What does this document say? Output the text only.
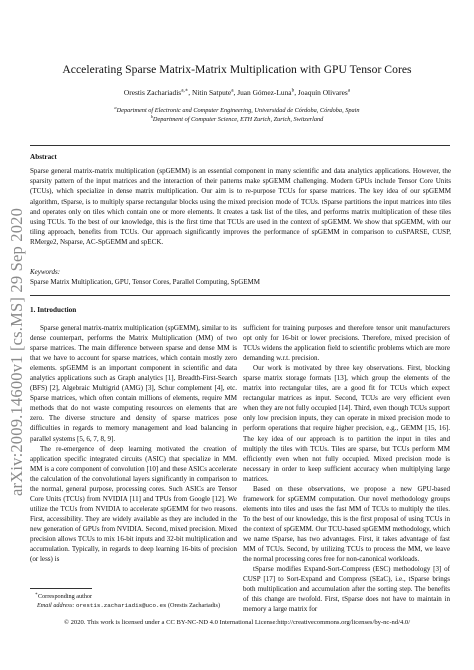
arXiv:2009.14600v1 [cs.MS] 29 Sep 2020
Accelerating Sparse Matrix-Matrix Multiplication with GPU Tensor Cores
Orestis Zachariadis$^{a,∗}$, Nitin Satpute$^a$, Juan Gómez-Luna$^b$, Joaquín Olivares$^a$
$^a$Department of Electronic and Computer Engineering, Universidad de Córdoba, Córdoba, Spain
$^b$Department of Computer Science, ETH Zurich, Zurich, Switzerland
Abstract
Sparse general matrix-matrix multiplication (spGEMM) is an essential component in many scientific and data analytics applications. However, the sparsity pattern of the input matrices and the interaction of their patterns make spGEMM challenging. Modern GPUs include Tensor Core Units (TCUs), which specialize in dense matrix multiplication. Our aim is to re-purpose TCUs for sparse matrices. The key idea of our spGEMM algorithm, tSparse, is to multiply sparse rectangular blocks using the mixed precision mode of TCUs. tSparse partitions the input matrices into tiles and operates only on tiles which contain one or more elements. It creates a task list of the tiles, and performs matrix multiplication of these tiles using TCUs. To the best of our knowledge, this is the first time that TCUs are used in the context of spGEMM. We show that spGEMM, with our tiling approach, benefits from TCUs. Our approach significantly improves the performance of spGEMM in comparison to cuSPARSE, CUSP, RMerge2, Nsparse, AC-SpGEMM and spECK.
Keywords:
Sparse Matrix Multiplication, GPU, Tensor Cores, Parallel Computing, SpGEMM
1. Introduction

Sparse general matrix-matrix multiplication (spGEMM), similar to its dense counterpart, performs the Matrix Multiplication (MM) of two sparse matrices. The main difference between sparse and dense MM is that we have to account for sparse matrices, which contain mostly zero elements. spGEMM is an important component in scientific and data analytics applications such as Graph analytics [1], Breadth-First-Search (BFS) [2], Algebraic Multigrid (AMG) [3], Schur complement [4], etc. Sparse matrices, which often contain millions of elements, require MM methods that do not waste computing resources on elements that are zero. The diverse structure and density of sparse matrices pose difficulties in regards to memory management and load balancing in parallel systems [5, 6, 7, 8, 9].

The re-emergence of deep learning motivated the creation of application specific integrated circuits (ASIC) that specialize in MM. MM is a core component of convolution [10] and these ASICs accelerate the calculation of the convolutional layers significantly in comparison to the normal, general purpose, processing cores. Such ASICs are Tensor Core Units (TCUs) from NVIDIA [11] and TPUs from Google [12]. We utilize the TCUs from NVIDIA to accelerate spGEMM for two reasons. First, accessibility. They are widely available as they are included in the new generation of GPUs from NVIDIA. Second, mixed precision. Mixed precision allows TCUs to mix 16-bit inputs and 32-bit multiplication and accumulation. Typically, in regards to deep learning 16-bits of precision (or less) is

sufficient for training purposes and therefore tensor unit manufacturers opt only for 16-bit or lower precisions. Therefore, mixed precision of TCUs widens the application field to scientific problems which are more demanding w.r.t. precision.

Our work is motivated by three key observations. First, blocking sparse matrix storage formats [13], which group the elements of the matrix into rectangular tiles, are a good fit for TCUs which expect rectangular matrices as input. Second, TCUs are very efficient even when they are not fully occupied [14]. Third, even though TCUs support only low precision inputs, they can operate in mixed precision mode to perform operations that require higher precision, e.g., GEMM [15, 16]. The key idea of our approach is to partition the input in tiles and multiply the tiles with TCUs. Tiles are sparse, but TCUs perform MM efficiently even when not fully occupied. Mixed precision mode is necessary in order to keep sufficient accuracy when multiplying large matrices.

Based on these observations, we propose a new GPU-based framework for spGEMM computation. Our novel methodology groups elements into tiles and uses the fast MM of TCUs to multiply the tiles. To the best of our knowledge, this is the first proposal of using TCUs in the context of spGEMM. Our TCU-based spGEMM methodology, which we name tSparse, has two advantages. First, it takes advantage of fast MM of TCUs. Second, by utilizing TCUs to process the MM, we leave the normal processing cores free for non-canonical workloads.

tSparse modifies Expand-Sort-Compress (ESC) methodology [3] of CUSP [17] to Sort-Expand and Compress (SEaC), i.e., tSparse brings both multiplication and accumulation after the sorting step. The benefits of this change are twofold. First, tSparse does not have to maintain in memory a large matrix for

∗Corresponding author
Email address: orestis.zachariadis@uco.es (Orestis Zachariadis)
© 2020. This work is licensed under a CC BY-NC-ND 4.0 International License:http://creativecommons.org/licenses/by-nc-nd/4.0/
